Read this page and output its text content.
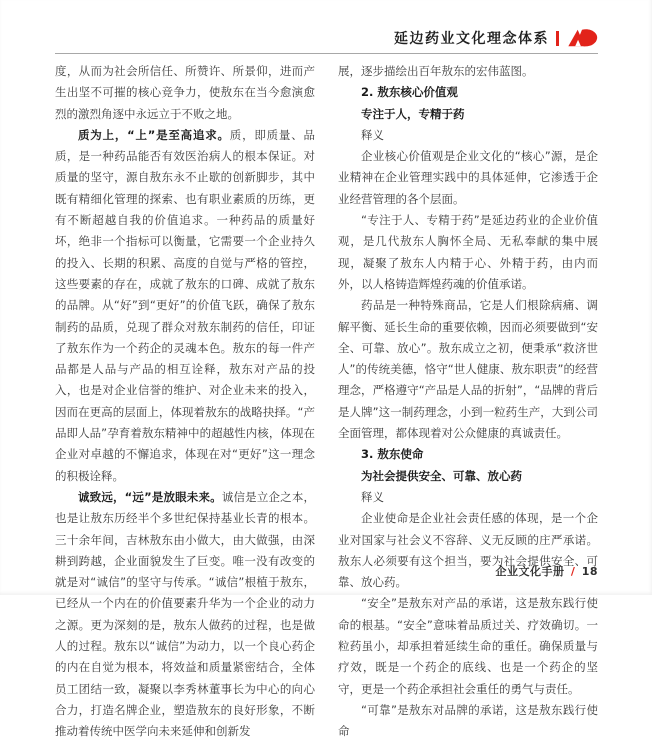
延边药业文化理念体系

度，从而为社会所信任、所赞许、所景仰，进而产生出坚不可摧的核心竞争力，使敖东在当今愈演愈烈的激烈角逐中永远立于不败之地。

质为上，“上”是至高追求。质，即质量、品质，是一种药品能否有效医治病人的根本保证。对质量的坚守，源自敖东永不止歇的创新脚步，其中既有精细化管理的探索、也有职业素质的历练，更有不断超越自我的价值追求。一种药品的质量好坏，绝非一个指标可以衡量，它需要一个企业持久的投入、长期的积累、高度的自觉与严格的管控，这些要素的存在，成就了敖东的口碑、成就了敖东的品牌。从“好”到“更好”的价值飞跃，确保了敖东制药的品质，兑现了群众对敖东制药的信任，印证了敖东作为一个药企的灵魂本色。敖东的每一件产品都是人品与产品的相互诠释，敖东对产品的投入，也是对企业信誉的维护、对企业未来的投入，因而在更高的层面上，体现着敖东的战略抉择。“产品即人品”孕育着敖东精神中的超越性内核，体现在企业对卓越的不懈追求，体现在对“更好”这一理念的积极诠释。

诚致远，“远”是放眼未来。诚信是立企之本，也是让敖东历经半个多世纪保持基业长青的根本。三十余年间，吉林敖东由小做大，由大做强，由深耕到跨越，企业面貌发生了巨变。唯一没有改变的就是对“诚信”的坚守与传承。“诚信”根植于敖东，已经从一个内在的价值要素升华为一个企业的动力之源。更为深刻的是，敖东人做药的过程，也是做人的过程。敖东以“诚信”为动力，以一个良心药企的内在自觉为根本，将效益和质量紧密结合，全体员工团结一致，凝聚以李秀林董事长为中心的向心合力，打造名牌企业，塑造敖东的良好形象，不断推动着传统中医学向未来延伸和创新发

展，逐步描绘出百年敖东的宏伟蓝图。

2. 敖东核心价值观

专注于人，专精于药

释义

企业核心价值观是企业文化的“核心”源，是企业精神在企业管理实践中的具体延伸，它渗透于企业经营管理的各个层面。

“专注于人、专精于药”是延边药业的企业价值观，是几代敖东人胸怀全局、无私奉献的集中展现，凝聚了敖东人内精于心、外精于药，由内而外，以人格铸造辉煌药魂的价值承诺。

药品是一种特殊商品，它是人们根除病痛、调解平衡、延长生命的重要依赖，因而必须要做到“安全、可靠、放心”。敖东成立之初，便秉承“救济世人”的传统美德，恪守“世人健康、敖东职责”的经营理念，严格遵守“产品是人品的折射”，“品牌的背后是人牌”这一制药理念，小到一粒药生产，大到公司全面管理，都体现着对公众健康的真诚责任。

3. 敖东使命

为社会提供安全、可靠、放心药

释义

企业使命是企业社会责任感的体现，是一个企业对国家与社会义不容辞、义无反顾的庄严承诺。敖东人必须要有这个担当，要为社会提供安全、可靠、放心药。

“安全”是敖东对产品的承诺，这是敖东践行使命的根基。“安全”意味着品质过关、疗效确切。一粒药虽小，却承担着延续生命的重任。确保质量与疗效，既是一个药企的底线、也是一个药企的坚守，更是一个药企承担社会重任的勇气与责任。

“可靠”是敖东对品牌的承诺，这是敖东践行使命

企业文化手册 / 18
